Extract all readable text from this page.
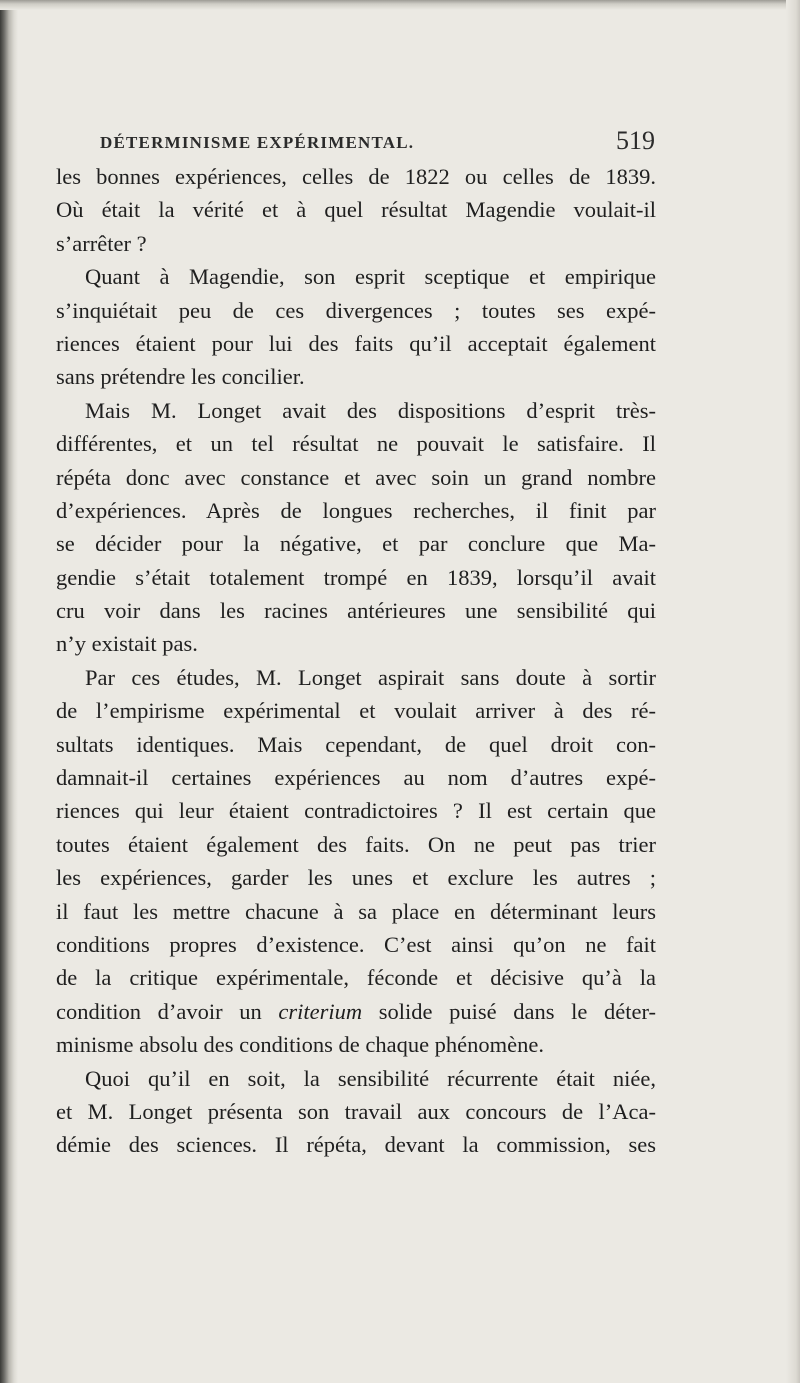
DÉTERMINISME EXPÉRIMENTAL.	519
les bonnes expériences, celles de 1822 ou celles de 1839.
Où était la vérité et à quel résultat Magendie voulait-il
s’arrêter ?
Quant à Magendie, son esprit sceptique et empirique
s’inquiétait peu de ces divergences ; toutes ses expé-
riences étaient pour lui des faits qu’il acceptait également
sans prétendre les concilier.
Mais M. Longet avait des dispositions d’esprit très-
différentes, et un tel résultat ne pouvait le satisfaire. Il
répéta donc avec constance et avec soin un grand nombre
d’expériences. Après de longues recherches, il finit par
se décider pour la négative, et par conclure que Ma-
gendie s’était totalement trompé en 1839, lorsqu’il avait
cru voir dans les racines antérieures une sensibilité qui
n’y existait pas.
Par ces études, M. Longet aspirait sans doute à sortir
de l’empirisme expérimental et voulait arriver à des ré-
sultats identiques. Mais cependant, de quel droit con-
damnait-il certaines expériences au nom d’autres expé-
riences qui leur étaient contradictoires ? Il est certain que
toutes étaient également des faits. On ne peut pas trier
les expériences, garder les unes et exclure les autres ;
il faut les mettre chacune à sa place en déterminant leurs
conditions propres d’existence. C’est ainsi qu’on ne fait
de la critique expérimentale, féconde et décisive qu’à la
condition d’avoir un criterium solide puisé dans le déter-
minisme absolu des conditions de chaque phénomène.
Quoi qu’il en soit, la sensibilité récurrente était niée,
et M. Longet présenta son travail aux concours de l’Aca-
démie des sciences. Il répéta, devant la commission, ses
